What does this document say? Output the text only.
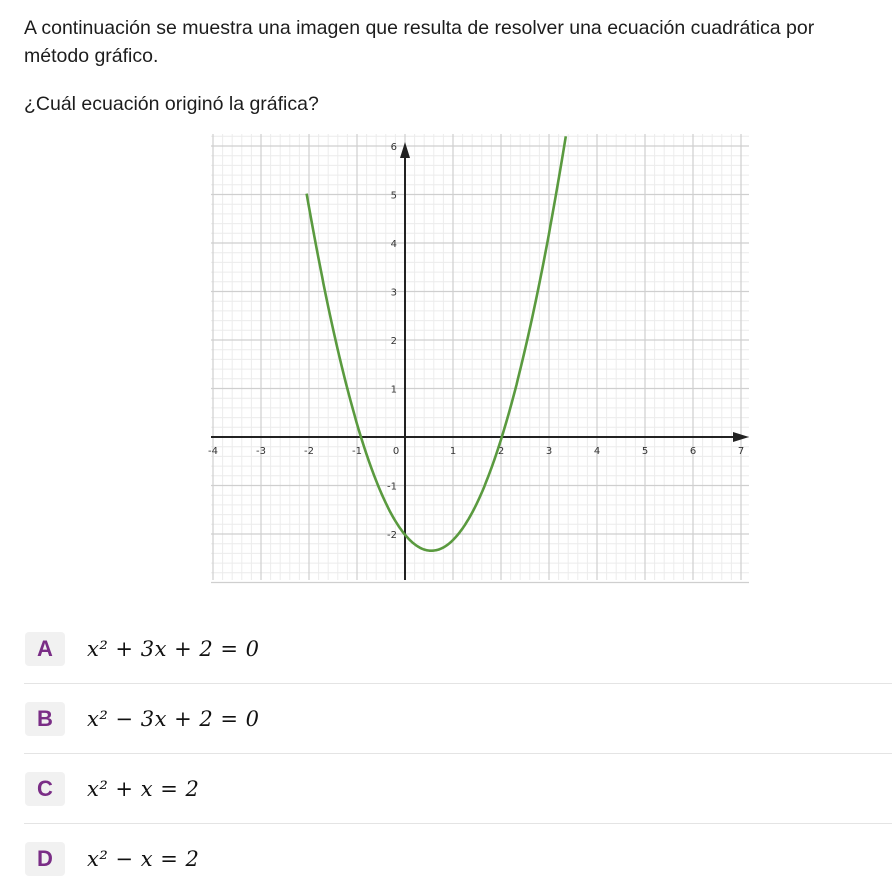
A continuación se muestra una imagen que resulta de resolver una ecuación cuadrática por método gráfico.

¿Cuál ecuación originó la gráfica?
-4	-3	-2	-1	0	1	2	3	4	5	6	7
-2
-1
1
2
3
4
5
6
A	x² + 3x + 2 = 0
B	x² − 3x + 2 = 0
C	x² + x = 2
D	x² − x = 2
